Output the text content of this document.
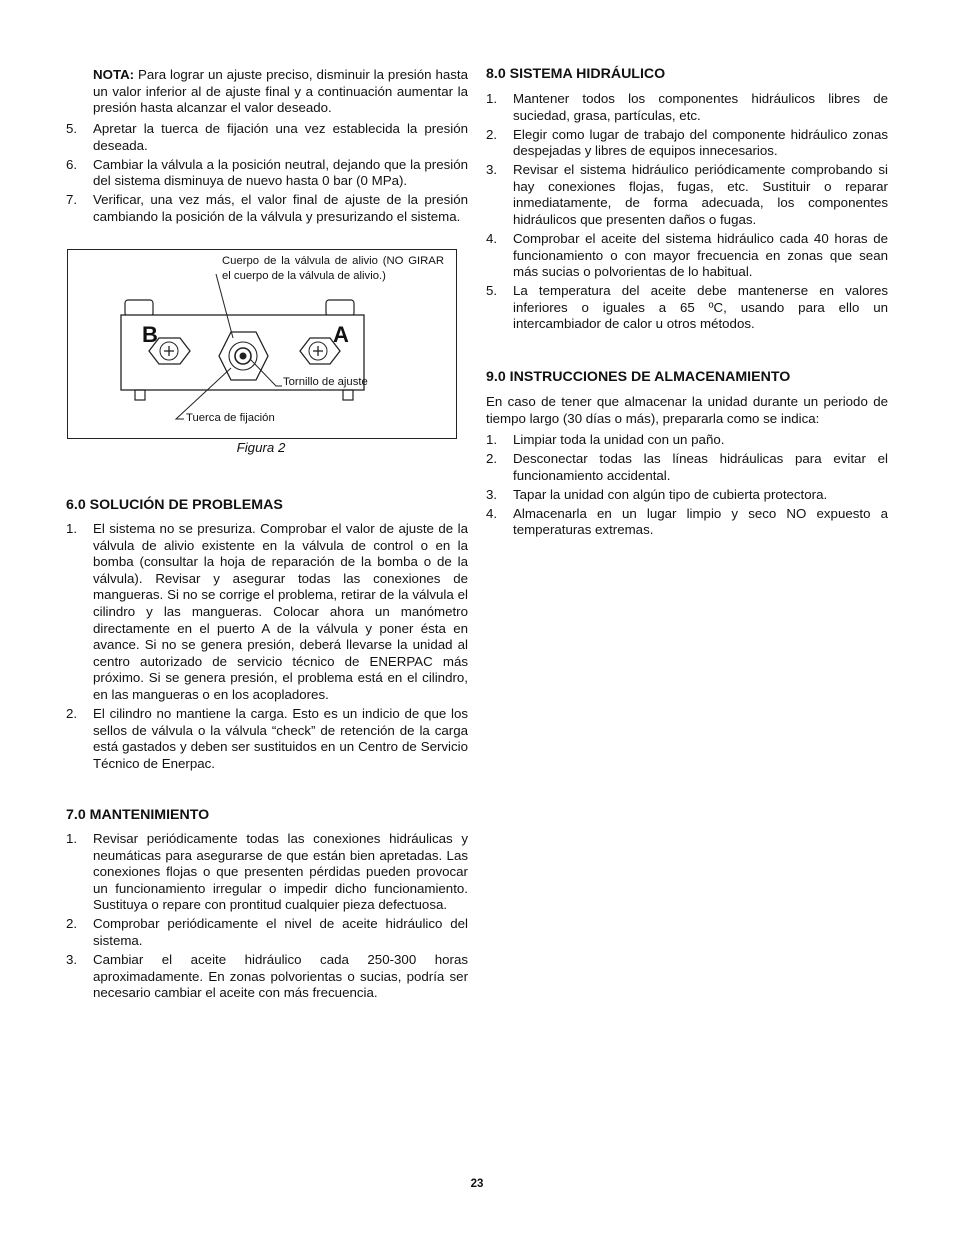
NOTA: Para lograr un ajuste preciso, disminuir la presión hasta un valor inferior al de ajuste final y a continuación aumentar la presión hasta alcanzar el valor deseado.

5. Apretar la tuerca de fijación una vez establecida la presión deseada.
6. Cambiar la válvula a la posición neutral, dejando que la presión del sistema disminuya de nuevo hasta 0 bar (0 MPa).
7. Verificar, una vez más, el valor final de ajuste de la presión cambiando la posición de la válvula y presurizando el sistema.
B	A
Cuerpo de la válvula de alivio (NO GIRAR el cuerpo de la válvula de alivio.)
Tornillo de ajuste
Tuerca de fijación
Figura 2
6.0 SOLUCIÓN DE PROBLEMAS
1. El sistema no se presuriza. Comprobar el valor de ajuste de la válvula de alivio existente en la válvula de control o en la bomba (consultar la hoja de reparación de la bomba o de la válvula). Revisar y asegurar todas las conexiones de mangueras. Si no se corrige el problema, retirar de la válvula el cilindro y las mangueras. Colocar ahora un manómetro directamente en el puerto A de la válvula y poner ésta en avance. Si no se genera presión, deberá llevarse la unidad al centro autorizado de servicio técnico de ENERPAC más próximo. Si se genera presión, el problema está en el cilindro, en las mangueras o en los acopladores.
2. El cilindro no mantiene la carga. Esto es un indicio de que los sellos de válvula o la válvula “check” de retención de la carga está gastados y deben ser sustituidos en un Centro de Servicio Técnico de Enerpac.
7.0 MANTENIMIENTO
1. Revisar periódicamente todas las conexiones hidráulicas y neumáticas para asegurarse de que están bien apretadas. Las conexiones flojas o que presenten pérdidas pueden provocar un funcionamiento irregular o impedir dicho funcionamiento. Sustituya o repare con prontitud cualquier pieza defectuosa.
2. Comprobar periódicamente el nivel de aceite hidráulico del sistema.
3. Cambiar el aceite hidráulico cada 250-300 horas aproximadamente. En zonas polvorientas o sucias, podría ser necesario cambiar el aceite con más frecuencia.
8.0 SISTEMA HIDRÁULICO
1. Mantener todos los componentes hidráulicos libres de suciedad, grasa, partículas, etc.
2. Elegir como lugar de trabajo del componente hidráulico zonas despejadas y libres de equipos innecesarios.
3. Revisar el sistema hidráulico periódicamente comprobando si hay conexiones flojas, fugas, etc. Sustituir o reparar inmediatamente, de forma adecuada, los componentes hidráulicos que presenten daños o fugas.
4. Comprobar el aceite del sistema hidráulico cada 40 horas de funcionamiento o con mayor frecuencia en zonas que sean más sucias o polvorientas de lo habitual.
5. La temperatura del aceite debe mantenerse en valores inferiores o iguales a 65 ºC, usando para ello un intercambiador de calor u otros métodos.
9.0 INSTRUCCIONES DE ALMACENAMIENTO

En caso de tener que almacenar la unidad durante un periodo de tiempo largo (30 días o más), prepararla como se indica:

1. Limpiar toda la unidad con un paño.
2. Desconectar todas las líneas hidráulicas para evitar el funcionamiento accidental.
3. Tapar la unidad con algún tipo de cubierta protectora.
4. Almacenarla en un lugar limpio y seco NO expuesto a temperaturas extremas.
23
